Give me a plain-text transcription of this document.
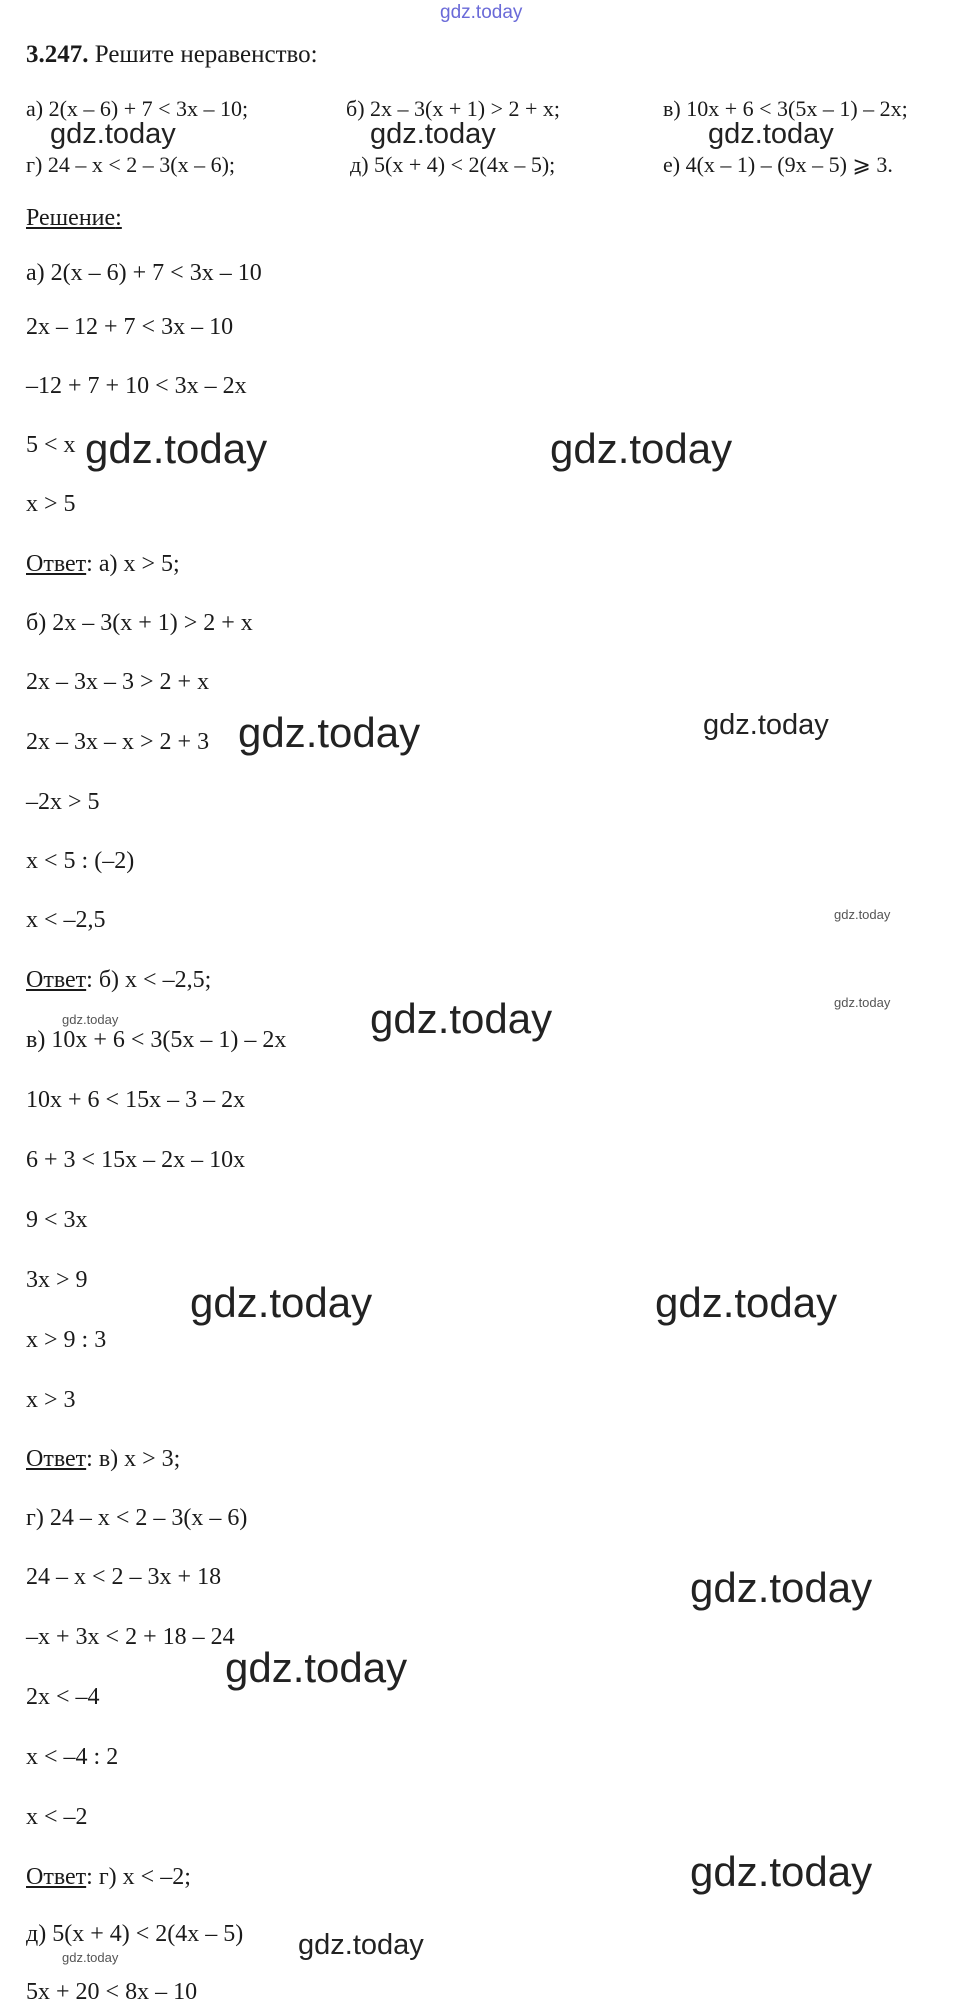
gdz.today
3.247. Решите неравенство:
а) 2(x – 6) + 7 < 3x – 10;	б) 2x – 3(x + 1) > 2 + x;	в) 10x + 6 < 3(5x – 1) – 2x;
г) 24 – x < 2 – 3(x – 6);	д) 5(x + 4) < 2(4x – 5);	е) 4(x – 1) – (9x – 5) ⩾ 3.
Решение:
а) 2(x – 6) + 7 < 3x – 10
2x – 12 + 7 < 3x – 10
–12 + 7 + 10 < 3x – 2x
5 < x
x > 5
Ответ: а) x > 5;
б) 2x – 3(x + 1) > 2 + x
2x – 3x – 3 > 2 + x
2x – 3x – x > 2 + 3
–2x > 5
x < 5 : (–2)
x < –2,5
Ответ: б) x < –2,5;
в) 10x + 6 < 3(5x – 1) – 2x
10x + 6 < 15x – 3 – 2x
6 + 3 < 15x – 2x – 10x
9 < 3x
3x > 9
x > 9 : 3
x > 3
Ответ: в) x > 3;
г) 24 – x < 2 – 3(x – 6)
24 – x < 2 – 3x + 18
–x + 3x < 2 + 18 – 24
2x < –4
x < –4 : 2
x < –2
Ответ: г) x < –2;
д) 5(x + 4) < 2(4x – 5)
5x + 20 < 8x – 10
gdz.today	gdz.today	gdz.today
gdz.today	gdz.today
gdz.today	gdz.today
gdz.today
gdz.today
gdz.today	gdz.today
gdz.today	gdz.today
gdz.today
gdz.today
gdz.today
gdz.today
gdz.today
